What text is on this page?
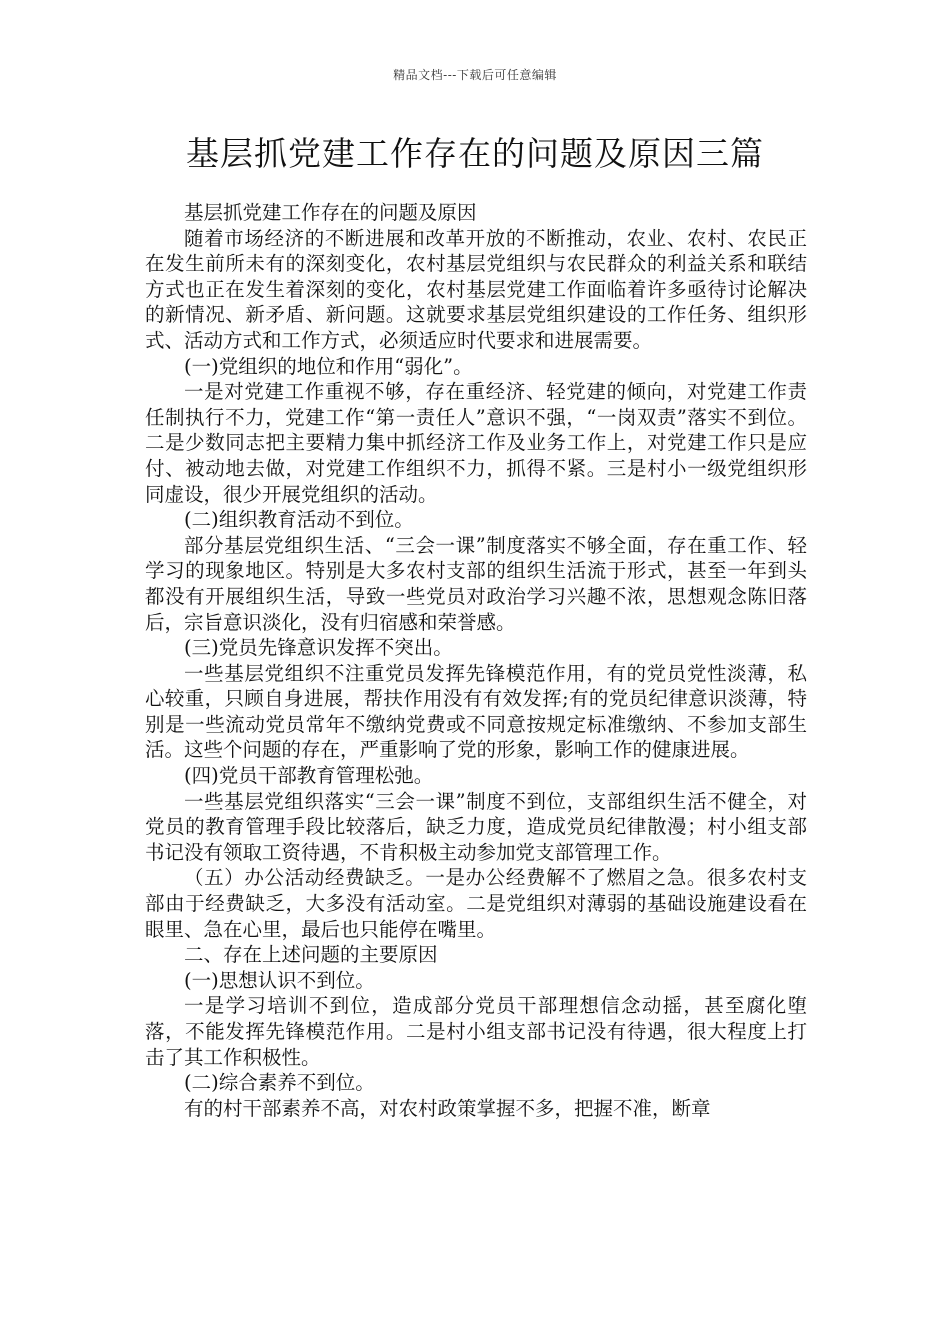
精品文档---下载后可任意编辑
基层抓党建工作存在的问题及原因三篇

基层抓党建工作存在的问题及原因

随着市场经济的不断进展和改革开放的不断推动，农业、农村、农民正在发生前所未有的深刻变化，农村基层党组织与农民群众的利益关系和联结方式也正在发生着深刻的变化，农村基层党建工作面临着许多亟待讨论解决的新情况、新矛盾、新问题。这就要求基层党组织建设的工作任务、组织形式、活动方式和工作方式，必须适应时代要求和进展需要。

(一)党组织的地位和作用“弱化”。

一是对党建工作重视不够，存在重经济、轻党建的倾向，对党建工作责任制执行不力，党建工作“第一责任人”意识不强，“一岗双责”落实不到位。二是少数同志把主要精力集中抓经济工作及业务工作上，对党建工作只是应付、被动地去做，对党建工作组织不力，抓得不紧。三是村小一级党组织形同虚设，很少开展党组织的活动。

(二)组织教育活动不到位。

部分基层党组织生活、“三会一课”制度落实不够全面，存在重工作、轻学习的现象地区。特别是大多农村支部的组织生活流于形式，甚至一年到头都没有开展组织生活，导致一些党员对政治学习兴趣不浓，思想观念陈旧落后，宗旨意识淡化，没有归宿感和荣誉感。

(三)党员先锋意识发挥不突出。

一些基层党组织不注重党员发挥先锋模范作用，有的党员党性淡薄，私心较重，只顾自身进展，帮扶作用没有有效发挥;有的党员纪律意识淡薄，特别是一些流动党员常年不缴纳党费或不同意按规定标准缴纳、不参加支部生活。这些个问题的存在，严重影响了党的形象，影响工作的健康进展。

(四)党员干部教育管理松弛。

一些基层党组织落实“三会一课”制度不到位，支部组织生活不健全，对党员的教育管理手段比较落后，缺乏力度，造成党员纪律散漫；村小组支部书记没有领取工资待遇，不肯积极主动参加党支部管理工作。

（五）办公活动经费缺乏。一是办公经费解不了燃眉之急。很多农村支部由于经费缺乏，大多没有活动室。二是党组织对薄弱的基础设施建设看在眼里、急在心里，最后也只能停在嘴里。

二、存在上述问题的主要原因

(一)思想认识不到位。

一是学习培训不到位，造成部分党员干部理想信念动摇，甚至腐化堕落，不能发挥先锋模范作用。二是村小组支部书记没有待遇，很大程度上打击了其工作积极性。

(二)综合素养不到位。

有的村干部素养不高，对农村政策掌握不多，把握不准，断章
